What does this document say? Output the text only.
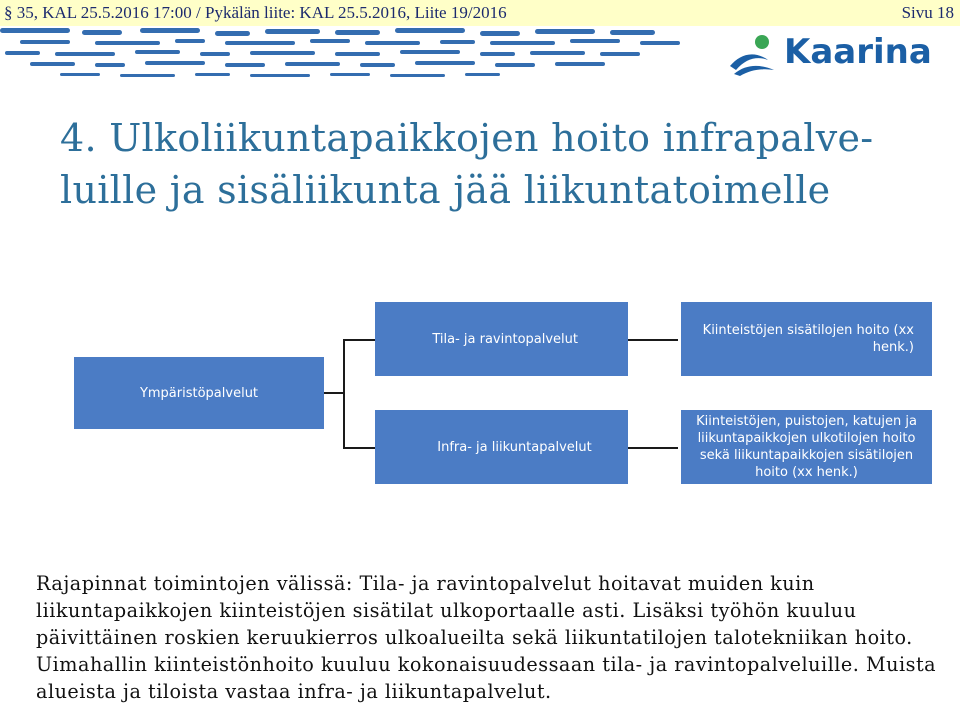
§ 35, KAL 25.5.2016 17:00 / Pykälän liite: KAL 25.5.2016, Liite 19/2016	Sivu 18
Kaarina
4. Ulkoliikuntapaikkojen hoito infrapalve-
luille ja sisäliikunta jää liikuntatoimelle
Ympäristöpalvelut
Tila- ja ravintopalvelut
Infra- ja liikuntapalvelut
Kiinteistöjen sisätilojen hoito (xx henk.)
Kiinteistöjen, puistojen, katujen ja liikuntapaikkojen ulkotilojen hoito sekä liikuntapaikkojen sisätilojen hoito (xx henk.)

Rajapinnat toimintojen välissä: Tila- ja ravintopalvelut hoitavat muiden kuin liikuntapaikkojen kiinteistöjen sisätilat ulkoportaalle asti. Lisäksi työhön kuuluu päivittäinen roskien keruukierros ulkoalueilta sekä liikuntatilojen talotekniikan hoito. Uimahallin kiinteistönhoito kuuluu kokonaisuudessaan tila- ja ravintopalveluille. Muista alueista ja tiloista vastaa infra- ja liikuntapalvelut.
